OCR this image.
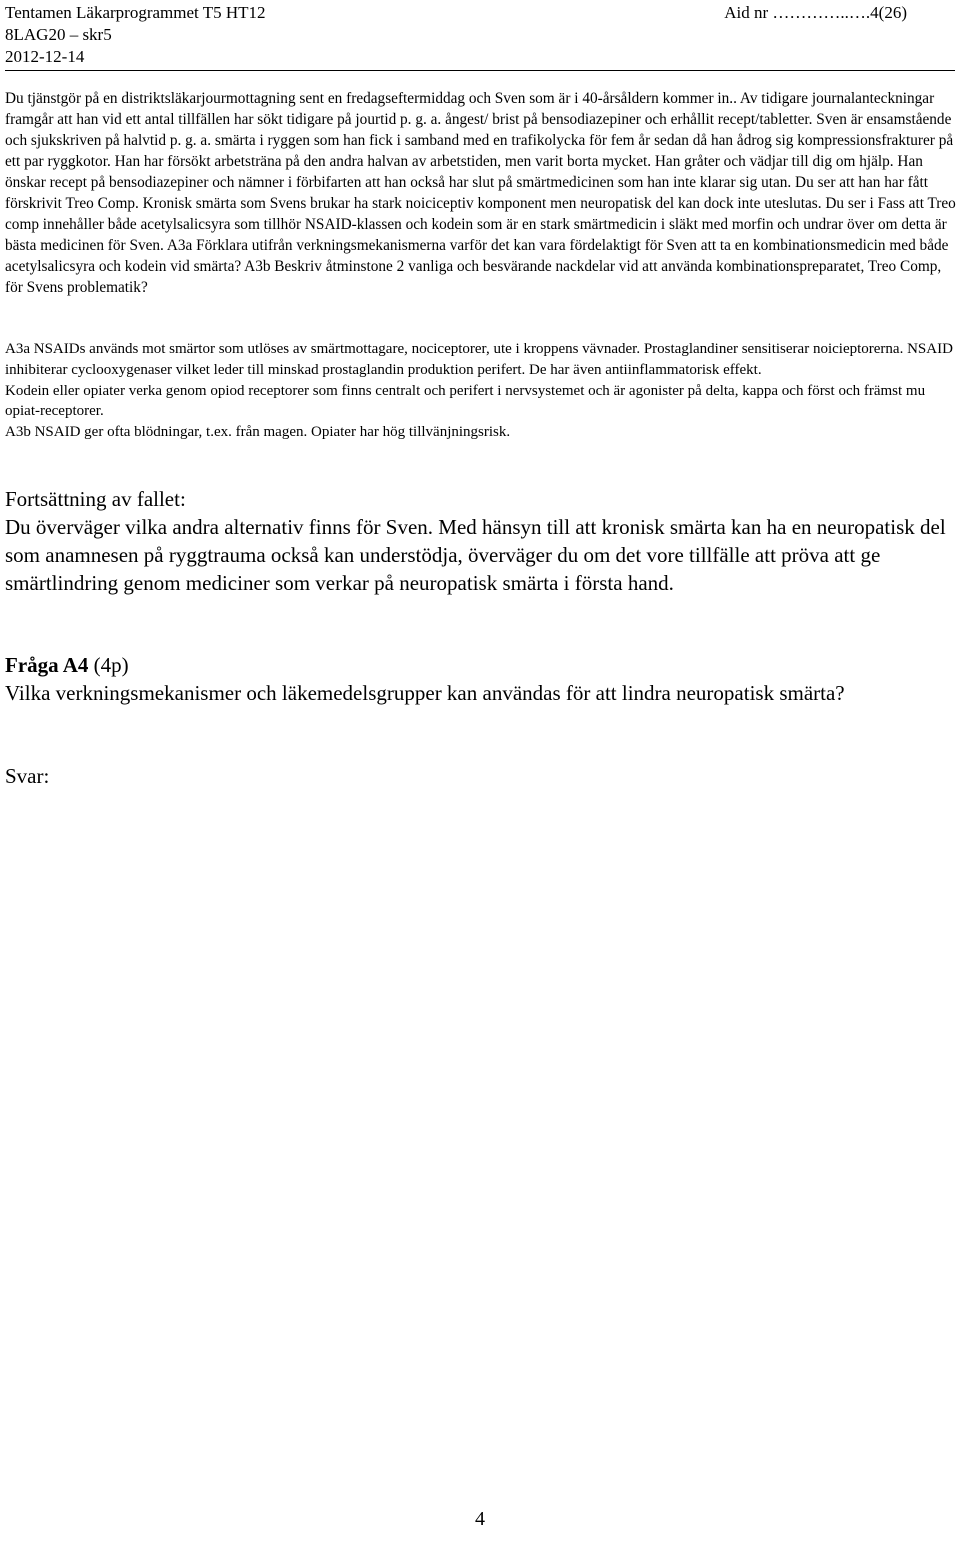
Tentamen Läkarprogrammet T5 HT12
8LAG20 – skr5
2012-12-14
Aid nr …………..….4(26)
Du tjänstgör på en distriktsläkarjourmottagning sent en fredagseftermiddag och Sven som är i 40-årsåldern kommer in.. Av tidigare journalanteckningar framgår att han vid ett antal tillfällen har sökt tidigare på jourtid p. g. a. ångest/ brist på bensodiazepiner och erhållit recept/tabletter. Sven är ensamstående och sjukskriven på halvtid p. g. a. smärta i ryggen som han fick i samband med en trafikolycka för fem år sedan då han ådrog sig kompressionsfrakturer på ett par ryggkotor. Han har försökt arbetsträna på den andra halvan av arbetstiden, men varit borta mycket. Han gråter och vädjar till dig om hjälp. Han önskar recept på bensodiazepiner och nämner i förbifarten att han också har slut på smärtmedicinen som han inte klarar sig utan. Du ser att han har fått förskrivit Treo Comp. Kronisk smärta som Svens brukar ha stark noiciceptiv komponent men neuropatisk del kan dock inte uteslutas. Du ser i Fass att Treo comp innehåller både acetylsalicsyra som tillhör NSAID-klassen och kodein som är en stark smärtmedicin i släkt med morfin och undrar över om detta är bästa medicinen för Sven. A3a Förklara utifrån verkningsmekanismerna varför det kan vara fördelaktigt för Sven att ta en kombinationsmedicin med både acetylsalicsyra och kodein vid smärta? A3b Beskriv åtminstone 2 vanliga och besvärande nackdelar vid att använda kombinationspreparatet, Treo Comp, för Svens problematik?

A3a NSAIDs används mot smärtor som utlöses av smärtmottagare, nociceptorer, ute i kroppens vävnader. Prostaglandiner sensitiserar noicieptorerna. NSAID inhibiterar cyclooxygenaser vilket leder till minskad prostaglandin produktion perifert. De har även antiinflammatorisk effekt.

Kodein eller opiater verka genom opiod receptorer som finns centralt och perifert i nervsystemet och är agonister på delta, kappa och först och främst mu opiat-receptorer.

A3b NSAID ger ofta blödningar, t.ex. från magen. Opiater har hög tillvänjningsrisk.

Fortsättning av fallet:

Du överväger vilka andra alternativ finns för Sven. Med hänsyn till att kronisk smärta kan ha en neuropatisk del som anamnesen på ryggtrauma också kan understödja, överväger du om det vore tillfälle att pröva att ge smärtlindring genom mediciner som verkar på neuropatisk smärta i första hand.

Fråga A4 (4p)

Vilka verkningsmekanismer och läkemedelsgrupper kan användas för att lindra neuropatisk smärta?

Svar:
4
